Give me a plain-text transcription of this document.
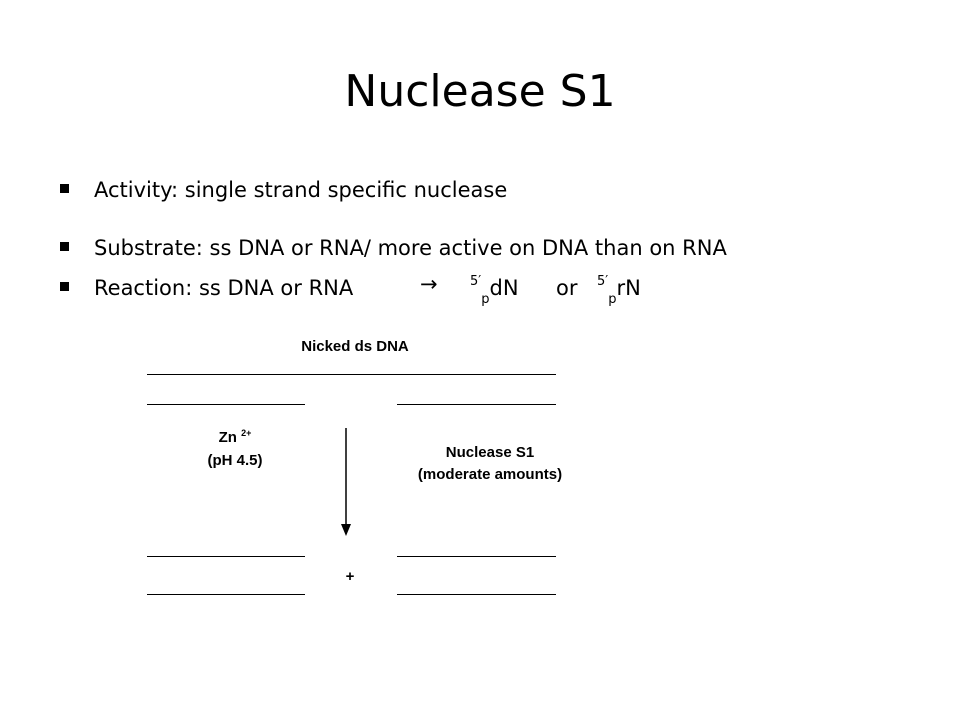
Nuclease S1
Activity: single strand specific nuclease
Substrate: ss DNA or RNA/ more active on DNA than on RNA
Reaction: ss DNA or RNA	→ $^{5'}_p$dN or $^{5'}_p$rN
Nicked ds DNA
Zn $^{2+}$
(pH 4.5)	Nuclease S1
(moderate amounts)
+
